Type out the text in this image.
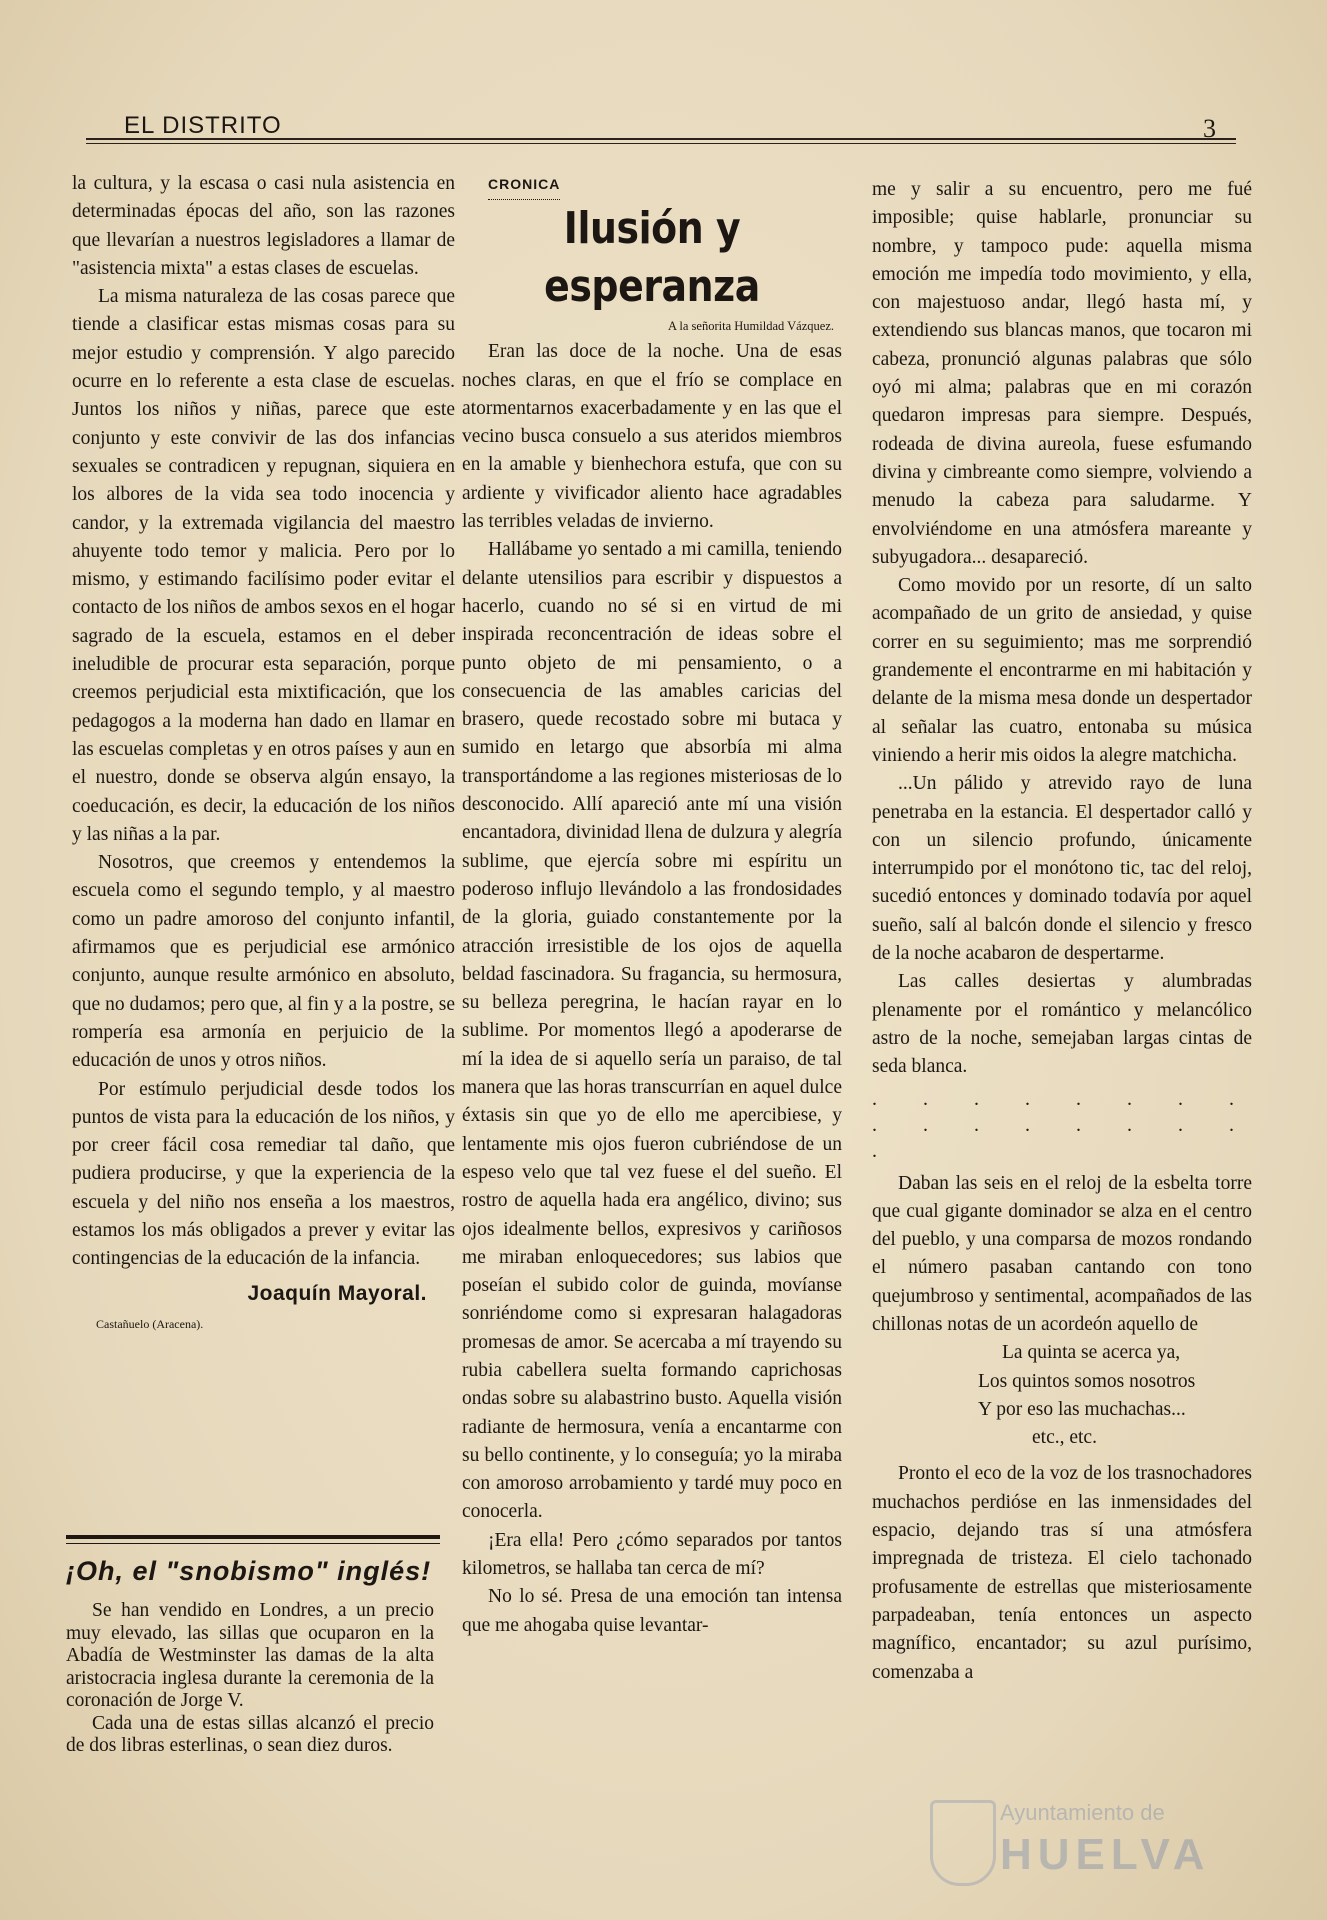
EL DISTRITO	3

la cultura, y la escasa o casi nula asistencia en determinadas épocas del año, son las razones que llevarían a nuestros legisladores a llamar de "asistencia mixta" a estas clases de escuelas.

La misma naturaleza de las cosas parece que tiende a clasificar estas mismas cosas para su mejor estudio y comprensión. Y algo parecido ocurre en lo referente a esta clase de escuelas. Juntos los niños y niñas, parece que este conjunto y este convivir de las dos infancias sexuales se contradicen y repugnan, siquiera en los albores de la vida sea todo inocencia y candor, y la extremada vigilancia del maestro ahuyente todo temor y malicia. Pero por lo mismo, y estimando facilísimo poder evitar el contacto de los niños de ambos sexos en el hogar sagrado de la escuela, estamos en el deber ineludible de procurar esta separación, porque creemos perjudicial esta mixtificación, que los pedagogos a la moderna han dado en llamar en las escuelas completas y en otros países y aun en el nuestro, donde se observa algún ensayo, la coeducación, es decir, la educación de los niños y las niñas a la par.

Nosotros, que creemos y entendemos la escuela como el segundo templo, y al maestro como un padre amoroso del conjunto infantil, afirmamos que es perjudicial ese armónico conjunto, aunque resulte armónico en absoluto, que no dudamos; pero que, al fin y a la postre, se rompería esa armonía en perjuicio de la educación de unos y otros niños.

Por estímulo perjudicial desde todos los puntos de vista para la educación de los niños, y por creer fácil cosa remediar tal daño, que pudiera producirse, y que la experiencia de la escuela y del niño nos enseña a los maestros, estamos los más obligados a prever y evitar las contingencias de la educación de la infancia.

Joaquín Mayoral.
Castañuelo (Aracena).
¡Oh, el "snobismo" inglés!

Se han vendido en Londres, a un precio muy elevado, las sillas que ocuparon en la Abadía de Westminster las damas de la alta aristocracia inglesa durante la ceremonia de la coronación de Jorge V.

Cada una de estas sillas alcanzó el precio de dos libras esterlinas, o sean diez duros.

CRONICA
Ilusión y esperanza
A la señorita Humildad Vázquez.

Eran las doce de la noche. Una de esas noches claras, en que el frío se complace en atormentarnos exacerbadamente y en las que el vecino busca consuelo a sus ateridos miembros en la amable y bienhechora estufa, que con su ardiente y vivificador aliento hace agradables las terribles veladas de invierno.

Hallábame yo sentado a mi camilla, teniendo delante utensilios para escribir y dispuestos a hacerlo, cuando no sé si en virtud de mi inspirada reconcentración de ideas sobre el punto objeto de mi pensamiento, o a consecuencia de las amables caricias del brasero, quede recostado sobre mi butaca y sumido en letargo que absorbía mi alma transportándome a las regiones misteriosas de lo desconocido. Allí apareció ante mí una visión encantadora, divinidad llena de dulzura y alegría sublime, que ejercía sobre mi espíritu un poderoso influjo llevándolo a las frondosidades de la gloria, guiado constantemente por la atracción irresistible de los ojos de aquella beldad fascinadora. Su fragancia, su hermosura, su belleza peregrina, le hacían rayar en lo sublime. Por momentos llegó a apoderarse de mí la idea de si aquello sería un paraiso, de tal manera que las horas transcurrían en aquel dulce éxtasis sin que yo de ello me apercibiese, y lentamente mis ojos fueron cubriéndose de un espeso velo que tal vez fuese el del sueño. El rostro de aquella hada era angélico, divino; sus ojos idealmente bellos, expresivos y cariñosos me miraban enloquecedores; sus labios que poseían el subido color de guinda, movíanse sonriéndome como si expresaran halagadoras promesas de amor. Se acercaba a mí trayendo su rubia cabellera suelta formando caprichosas ondas sobre su alabastrino busto. Aquella visión radiante de hermosura, venía a encantarme con su bello continente, y lo conseguía; yo la miraba con amoroso arrobamiento y tardé muy poco en conocerla.

¡Era ella! Pero ¿cómo separados por tantos kilometros, se hallaba tan cerca de mí?

No lo sé. Presa de una emoción tan intensa que me ahogaba quise levantar-

me y salir a su encuentro, pero me fué imposible; quise hablarle, pronunciar su nombre, y tampoco pude: aquella misma emoción me impedía todo movimiento, y ella, con majestuoso andar, llegó hasta mí, y extendiendo sus blancas manos, que tocaron mi cabeza, pronunció algunas palabras que sólo oyó mi alma; palabras que en mi corazón quedaron impresas para siempre. Después, rodeada de divina aureola, fuese esfumando divina y cimbreante como siempre, volviendo a menudo la cabeza para saludarme. Y envolviéndome en una atmósfera mareante y subyugadora... desapareció.

Como movido por un resorte, dí un salto acompañado de un grito de ansiedad, y quise correr en su seguimiento; mas me sorprendió grandemente el encontrarme en mi habitación y delante de la misma mesa donde un despertador al señalar las cuatro, entonaba su música viniendo a herir mis oidos la alegre matchicha.

...Un pálido y atrevido rayo de luna penetraba en la estancia. El despertador calló y con un silencio profundo, únicamente interrumpido por el monótono tic, tac del reloj, sucedió entonces y dominado todavía por aquel sueño, salí al balcón donde el silencio y fresco de la noche acabaron de despertarme.

Las calles desiertas y alumbradas plenamente por el romántico y melancólico astro de la noche, semejaban largas cintas de seda blanca.

. . . . . . . . . . . . . . . . .

Daban las seis en el reloj de la esbelta torre que cual gigante dominador se alza en el centro del pueblo, y una comparsa de mozos rondando el número pasaban cantando con tono quejumbroso y sentimental, acompañados de las chillonas notas de un acordeón aquello de

La quinta se acerca ya,
Los quintos somos nosotros
Y por eso las muchachas...
etc., etc.

Pronto el eco de la voz de los trasnochadores muchachos perdióse en las inmensidades del espacio, dejando tras sí una atmósfera impregnada de tristeza. El cielo tachonado profusamente de estrellas que misteriosamente parpadeaban, tenía entonces un aspecto magnífico, encantador; su azul purísimo, comenzaba a

Ayuntamiento de
HUELVA
